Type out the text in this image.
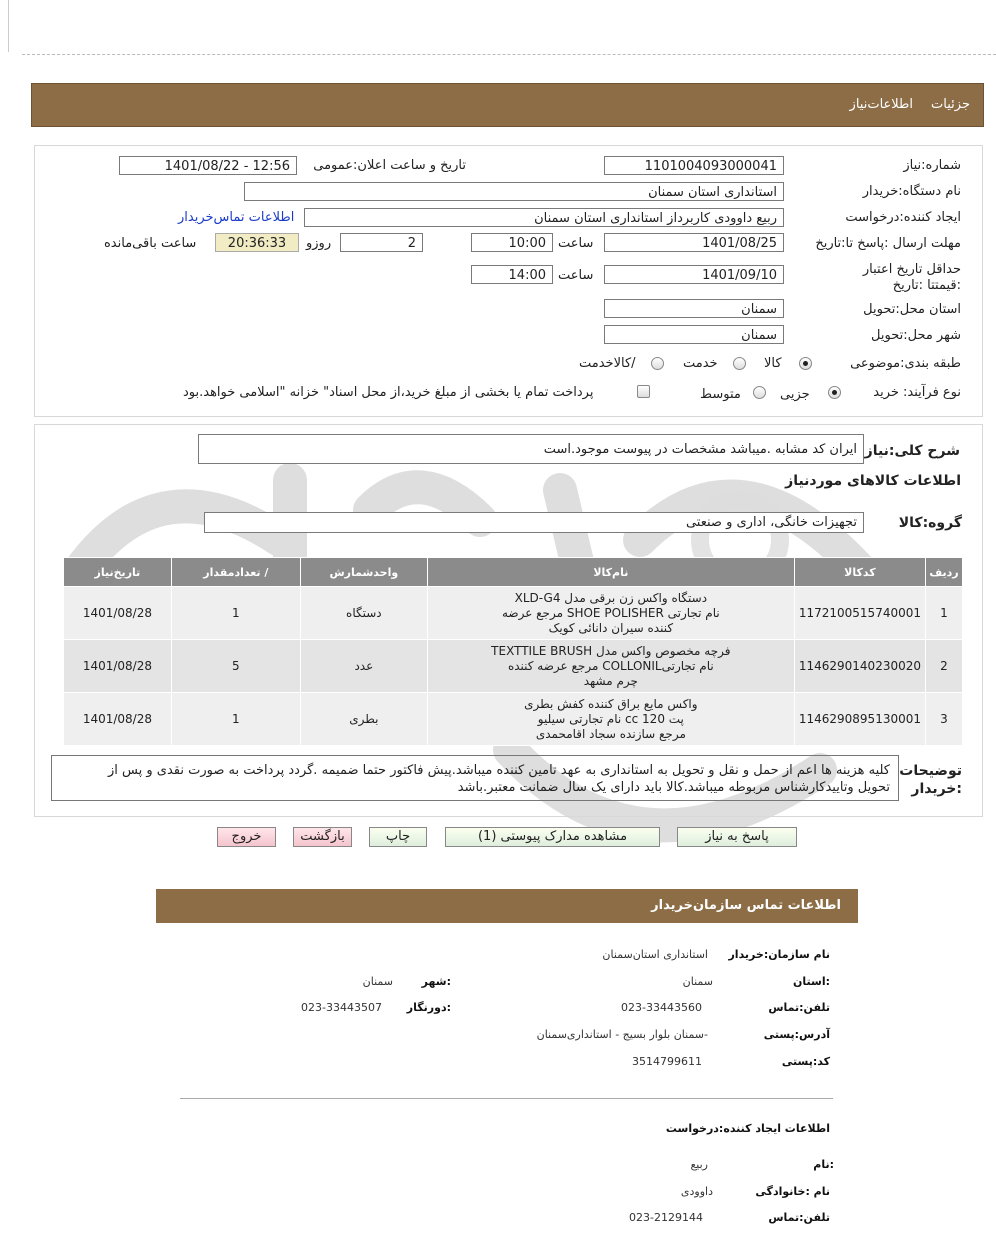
جزئیات
اطلاعات‌نیاز
شماره:نیاز
1101004093000041
تاریخ و ساعت اعلان:عمومی
1401/08/22 - 12:56
نام دستگاه:خریدار
استانداری استان سمنان
ایجاد کننده:درخواست
ربیع داوودی کاربرداز استانداری استان سمنان
اطلاعات تماس‌خریدار
مهلت ارسال :پاسخ تا:تاریخ
1401/08/25
ساعت
10:00
2
روزو
20:36:33
ساعت باقی‌مانده
حداقل تاریخ اعتبار :قیمتتا :تاریخ
1401/09/10
ساعت
14:00
استان محل:تحویل
سمنان
شهر محل:تحویل
سمنان
طبقه بندی:موضوعی
کالا
خدمت
/کالاخدمت
نوع فرآیند: خرید
جزیی
متوسط
پرداخت تمام یا بخشی از مبلغ خرید،از محل اسناد" خزانه "اسلامی خواهد.بود
شرح کلی:نیاز
ایران کد مشابه .میباشد مشخصات در پیوست موجود.است
اطلاعات کالاهای موردنیاز
گروه:کالا
تجهیزات خانگی، اداری و صنعتی
ردیف	کدکالا	نام‌کالا	واحدشمارش	/ تعدادمقدار	تاریخ‌نیاز
1	1172100515740001	دستگاه واکس زن برقی مدل XLD-G4
نام تجارتی SHOE POLISHER مرجع عرضه
کننده سیران دانائی کویک	دستگاه	1	1401/08/28
2	1146290140230020	فرچه مخصوص واکس مدل TEXTTILE BRUSH
نام تجارتیCOLLONIL مرجع عرضه کننده
چرم مشهد	عدد	5	1401/08/28
3	1146290895130001	واکس مایع براق کننده کفش بطری
پت 120 cc نام تجارتی سیلیو
مرجع سازنده سجاد اقامحمدی	بطری	1	1401/08/28
توضیحات
:خریدار
کلیه هزینه ها اعم از حمل و نقل و تحویل به استانداری به عهد تامین کننده میباشد.پیش فاکتور حتما ضمیمه .گردد پرداخت به صورت نقدی و پس از
تحویل وتاییدکارشناس مربوطه میباشد.کالا باید دارای یک سال ضمانت معتبر.باشد
پاسخ به نیاز
مشاهده مدارک پیوستی (1)
چاپ
بازگشت
خروج
اطلاعات تماس سازمان‌خریدار
نام سازمان:خریدار
استانداری استان‌سمنان
:استان
سمنان
:شهر
سمنان
تلفن:تماس
023-33443560
:دورنگار
023-33443507
آدرس:پستی
-سمنان بلوار بسیج - استانداری‌سمنان
کد:پستی
3514799611
اطلاعات ایجاد کننده:درخواست
:نام
ربیع
نام :خانوادگی
داوودی
تلفن:تماس
023-2129144
